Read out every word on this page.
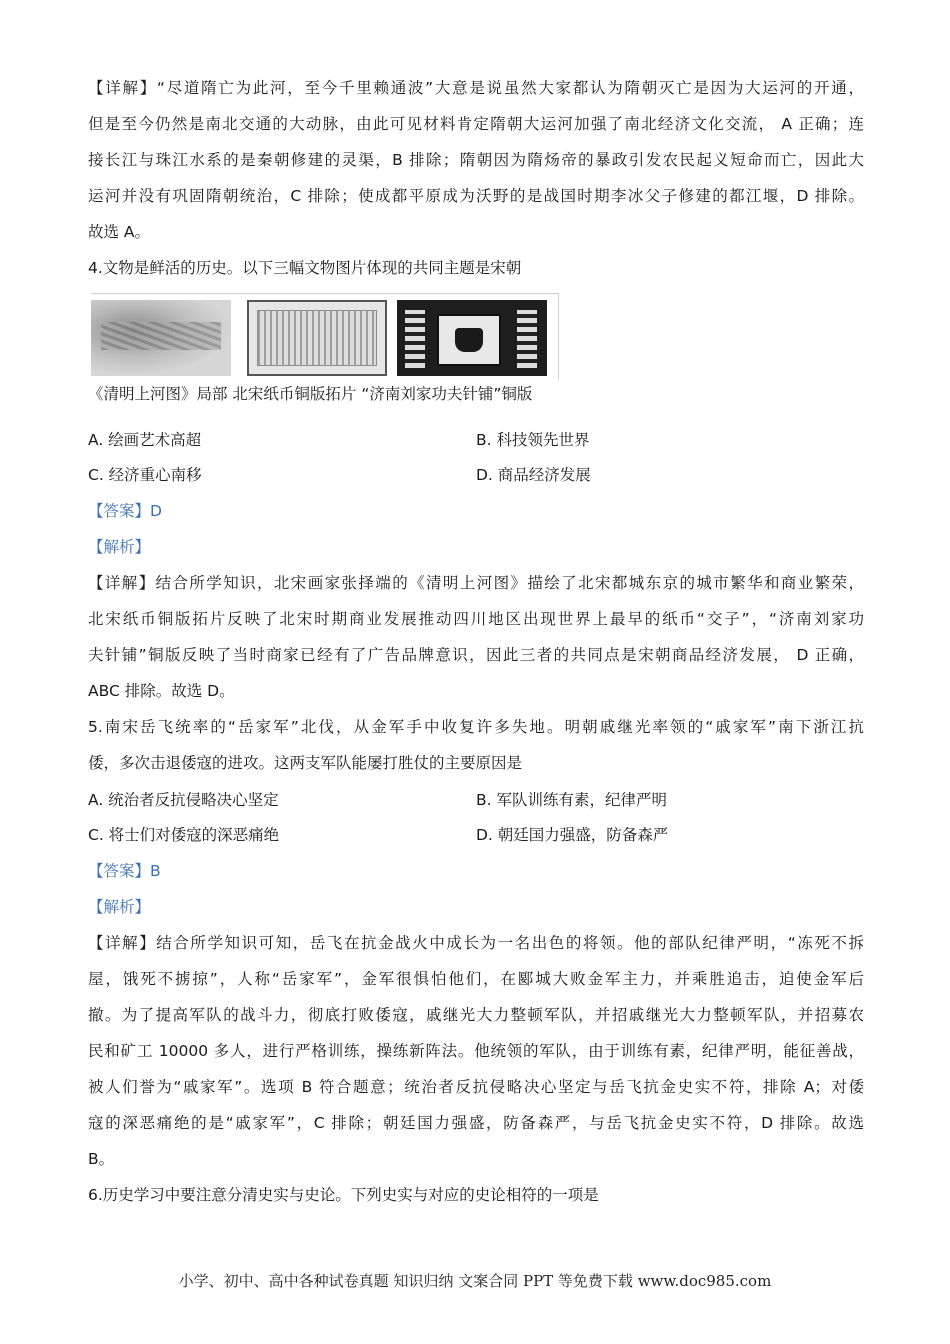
【详解】“尽道隋亡为此河，至今千里赖通波”大意是说虽然大家都认为隋朝灭亡是因为大运河的开通，
但是至今仍然是南北交通的大动脉，由此可见材料肯定隋朝大运河加强了南北经济文化交流， A 正确；连
接长江与珠江水系的是秦朝修建的灵渠，B 排除；隋朝因为隋炀帝的暴政引发农民起义短命而亡，因此大
运河并没有巩固隋朝统治，C 排除；使成都平原成为沃野的是战国时期李冰父子修建的都江堰，D 排除。
故选 A。
4.文物是鲜活的历史。以下三幅文物图片体现的共同主题是宋朝
《清明上河图》局部 北宋纸币铜版拓片 “济南刘家功夫针铺”铜版
A. 绘画艺术高超	B. 科技领先世界
C. 经济重心南移	D. 商品经济发展
【答案】D
【解析】
【详解】结合所学知识，北宋画家张择端的《清明上河图》描绘了北宋都城东京的城市繁华和商业繁荣，
北宋纸币铜版拓片反映了北宋时期商业发展推动四川地区出现世界上最早的纸币“交子”，“济南刘家功
夫针铺”铜版反映了当时商家已经有了广告品牌意识，因此三者的共同点是宋朝商品经济发展， D 正确，
ABC 排除。故选 D。
5.南宋岳飞统率的“岳家军”北伐，从金军手中收复许多失地。明朝戚继光率领的“戚家军”南下浙江抗
倭，多次击退倭寇的进攻。这两支军队能屡打胜仗的主要原因是
A. 统治者反抗侵略决心坚定	B. 军队训练有素，纪律严明
C. 将士们对倭寇的深恶痛绝	D. 朝廷国力强盛，防备森严
【答案】B
【解析】
【详解】结合所学知识可知，岳飞在抗金战火中成长为一名出色的将领。他的部队纪律严明，“冻死不拆
屋，饿死不掳掠”，人称“岳家军”，金军很惧怕他们，在郾城大败金军主力，并乘胜追击，迫使金军后
撤。为了提高军队的战斗力，彻底打败倭寇，戚继光大力整顿军队，并招戚继光大力整顿军队，并招募农
民和矿工 10000 多人，进行严格训练，操练新阵法。他统领的军队，由于训练有素，纪律严明，能征善战，
被人们誉为“戚家军”。选项 B 符合题意；统治者反抗侵略决心坚定与岳飞抗金史实不符，排除 A；对倭
寇的深恶痛绝的是“戚家军”，C 排除；朝廷国力强盛，防备森严，与岳飞抗金史实不符，D 排除。故选
B。
6.历史学习中要注意分清史实与史论。下列史实与对应的史论相符的一项是
小学、初中、高中各种试卷真题 知识归纳 文案合同 PPT 等免费下载 www.doc985.com
